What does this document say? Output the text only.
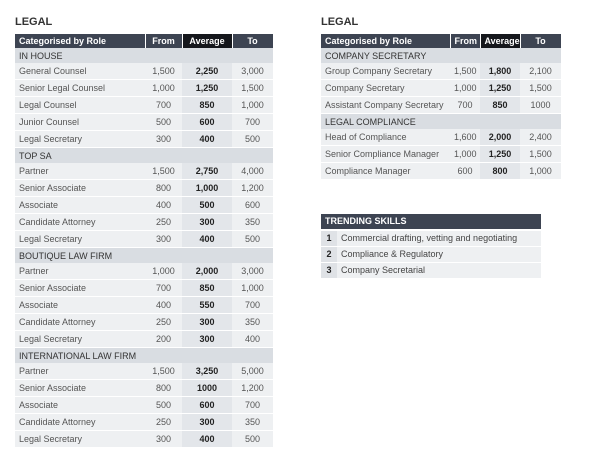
LEGAL
Categorised by Role	From	Average	To
IN HOUSE			
General Counsel	1,500	2,250	3,000
Senior Legal Counsel	1,000	1,250	1,500
Legal Counsel	700	850	1,000
Junior Counsel	500	600	700
Legal Secretary	300	400	500
TOP SA			
Partner	1,500	2,750	4,000
Senior Associate	800	1,000	1,200
Associate	400	500	600
Candidate Attorney	250	300	350
Legal Secretary	300	400	500
BOUTIQUE LAW FIRM			
Partner	1,000	2,000	3,000
Senior Associate	700	850	1,000
Associate	400	550	700
Candidate Attorney	250	300	350
Legal Secretary	200	300	400
INTERNATIONAL LAW FIRM			
Partner	1,500	3,250	5,000
Senior Associate	800	1000	1,200
Associate	500	600	700
Candidate Attorney	250	300	350
Legal Secretary	300	400	500
LEGAL
Categorised by Role	From	Average	To
COMPANY SECRETARY			
Group Company Secretary	1,500	1,800	2,100
Company Secretary	1,000	1,250	1,500
Assistant Company Secretary	700	850	1000
LEGAL COMPLIANCE			
Head of Compliance	1,600	2,000	2,400
Senior Compliance Manager	1,000	1,250	1,500
Compliance Manager	600	800	1,000
TRENDING SKILLS
1 Commercial drafting, vetting and negotiating
2 Compliance & Regulatory
3 Company Secretarial
